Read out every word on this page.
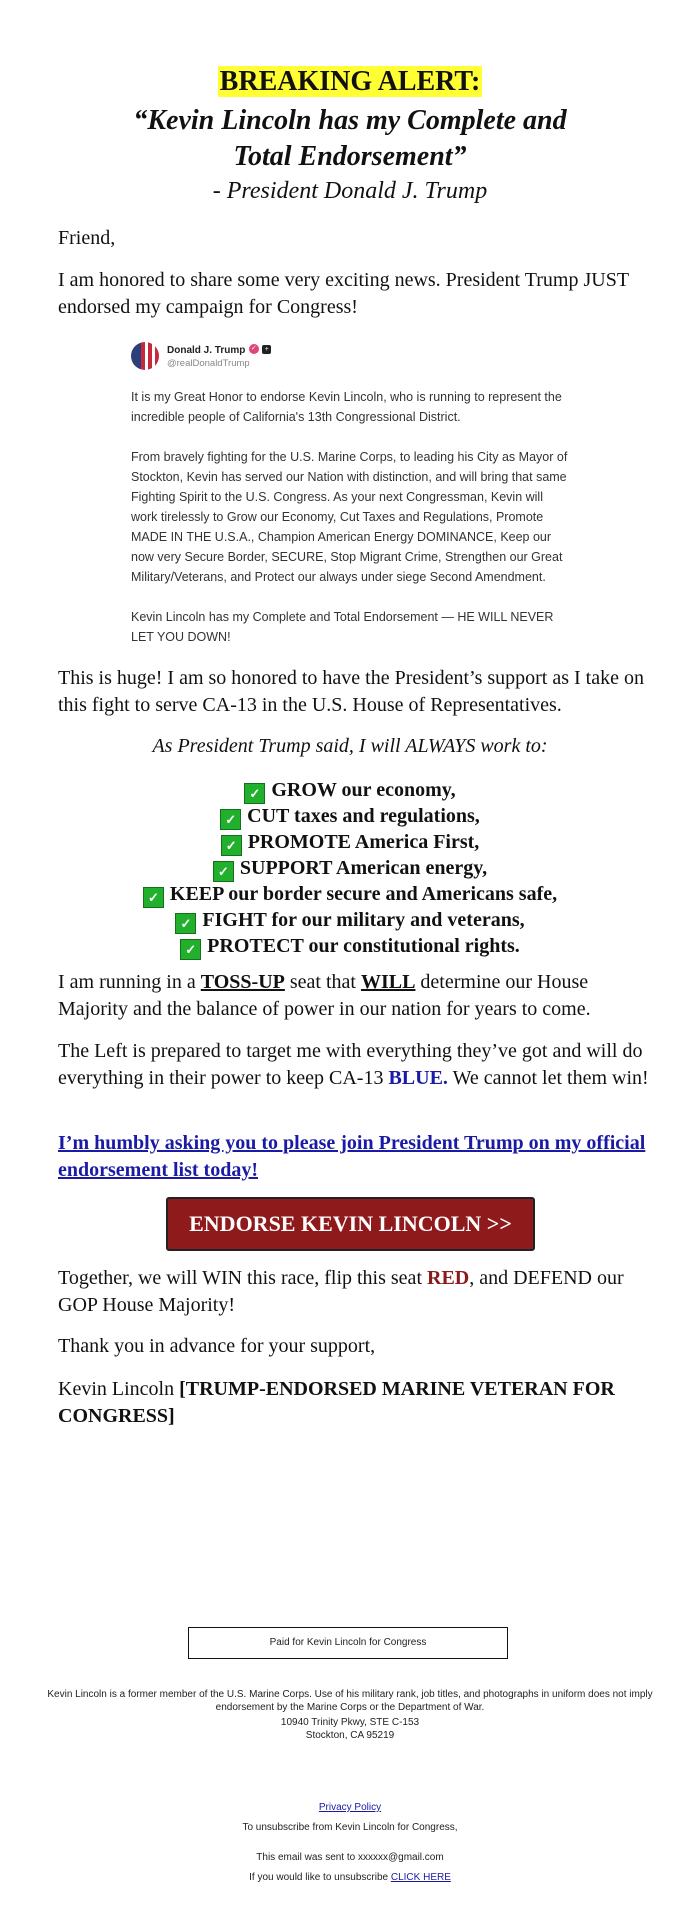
BREAKING ALERT:
“Kevin Lincoln has my Complete and
Total Endorsement”
- President Donald J. Trump
Friend,
I am honored to share some very exciting news. President Trump JUST endorsed my campaign for Congress!
Donald J. Trump ✓ +
@realDonaldTrump
It is my Great Honor to endorse Kevin Lincoln, who is running to represent the incredible people of California's 13th Congressional District.
From bravely fighting for the U.S. Marine Corps, to leading his City as Mayor of Stockton, Kevin has served our Nation with distinction, and will bring that same Fighting Spirit to the U.S. Congress. As your next Congressman, Kevin will work tirelessly to Grow our Economy, Cut Taxes and Regulations, Promote MADE IN THE U.S.A., Champion American Energy DOMINANCE, Keep our now very Secure Border, SECURE, Stop Migrant Crime, Strengthen our Great Military/Veterans, and Protect our always under siege Second Amendment.
Kevin Lincoln has my Complete and Total Endorsement — HE WILL NEVER LET YOU DOWN!
This is huge! I am so honored to have the President’s support as I take on this fight to serve CA-13 in the U.S. House of Representatives.
As President Trump said, I will ALWAYS work to:
✓ GROW our economy,
✓ CUT taxes and regulations,
✓ PROMOTE America First,
✓ SUPPORT American energy,
✓ KEEP our border secure and Americans safe,
✓ FIGHT for our military and veterans,
✓ PROTECT our constitutional rights.
I am running in a TOSS-UP seat that WILL determine our House Majority and the balance of power in our nation for years to come.
The Left is prepared to target me with everything they’ve got and will do everything in their power to keep CA-13 BLUE. We cannot let them win!
I’m humbly asking you to please join President Trump on my official endorsement list today!
ENDORSE KEVIN LINCOLN >>
Together, we will WIN this race, flip this seat RED, and DEFEND our GOP House Majority!
Thank you in advance for your support,
Kevin Lincoln [TRUMP-ENDORSED MARINE VETERAN FOR CONGRESS]
Paid for Kevin Lincoln for Congress
Kevin Lincoln is a former member of the U.S. Marine Corps. Use of his military rank, job titles, and photographs in uniform does not imply endorsement by the Marine Corps or the Department of War.
10940 Trinity Pkwy, STE C-153
Stockton, CA 95219
Privacy Policy
To unsubscribe from Kevin Lincoln for Congress,
This email was sent to xxxxxx@gmail.com
If you would like to unsubscribe CLICK HERE
